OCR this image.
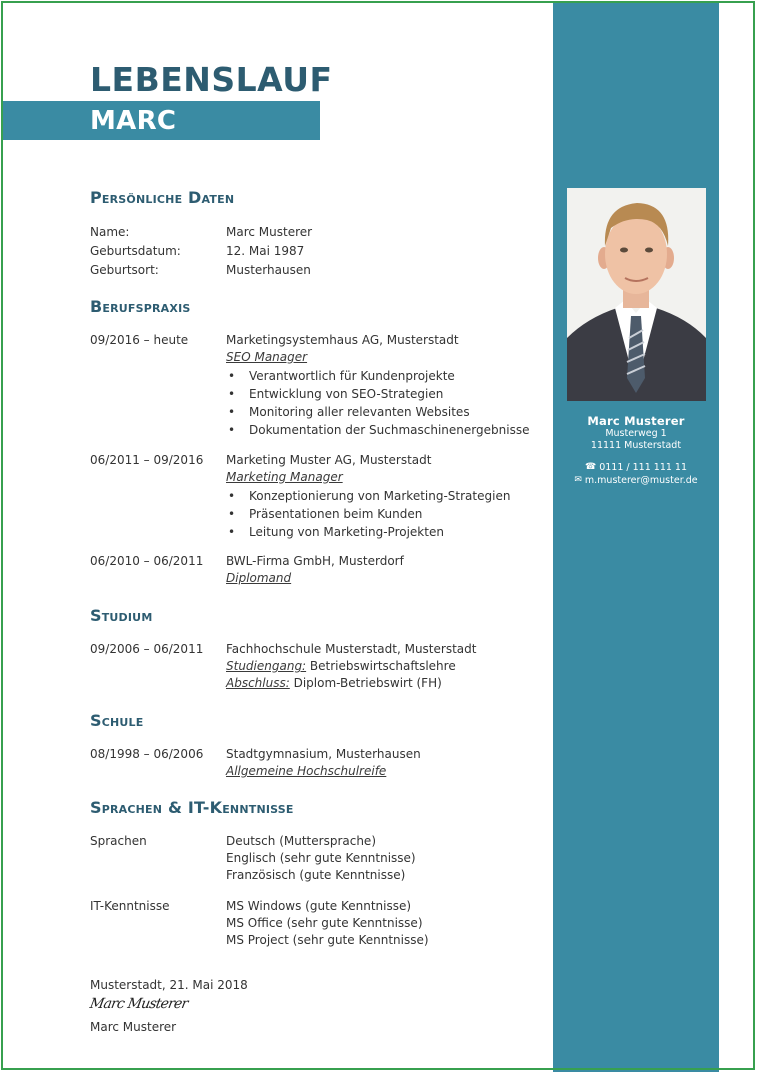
Marc Musterer
Musterweg 1
11111 Musterstadt
☎ 0111 / 111 111 11
✉ m.musterer@muster.de
LEBENSLAUF
MARC MUSTERER
Persönliche Daten
Name:	Marc Musterer
Geburtsdatum:	12. Mai 1987
Geburtsort:	Musterhausen
Berufspraxis
09/2016 – heute	Marketingsystemhaus AG, Musterstadt
SEO Manager
• Verantwortlich für Kundenprojekte
• Entwicklung von SEO-Strategien
• Monitoring aller relevanten Websites
• Dokumentation der Suchmaschinenergebnisse
06/2011 – 09/2016 Marketing Muster AG, Musterstadt
Marketing Manager
• Konzeptionierung von Marketing-Strategien
• Präsentationen beim Kunden
• Leitung von Marketing-Projekten
06/2010 – 06/2011 BWL-Firma GmbH, Musterdorf
Diplomand
Studium
09/2006 – 06/2011 Fachhochschule Musterstadt, Musterstadt
Studiengang: Betriebswirtschaftslehre
Abschluss: Diplom-Betriebswirt (FH)
Schule
08/1998 – 06/2006 Stadtgymnasium, Musterhausen
Allgemeine Hochschulreife
Sprachen & IT-Kenntnisse
Sprachen	Deutsch (Muttersprache)
Englisch (sehr gute Kenntnisse)
Französisch (gute Kenntnisse)
IT-Kenntnisse	MS Windows (gute Kenntnisse)
MS Office (sehr gute Kenntnisse)
MS Project (sehr gute Kenntnisse)
Musterstadt, 21. Mai 2018
Marc Musterer
Marc Musterer
